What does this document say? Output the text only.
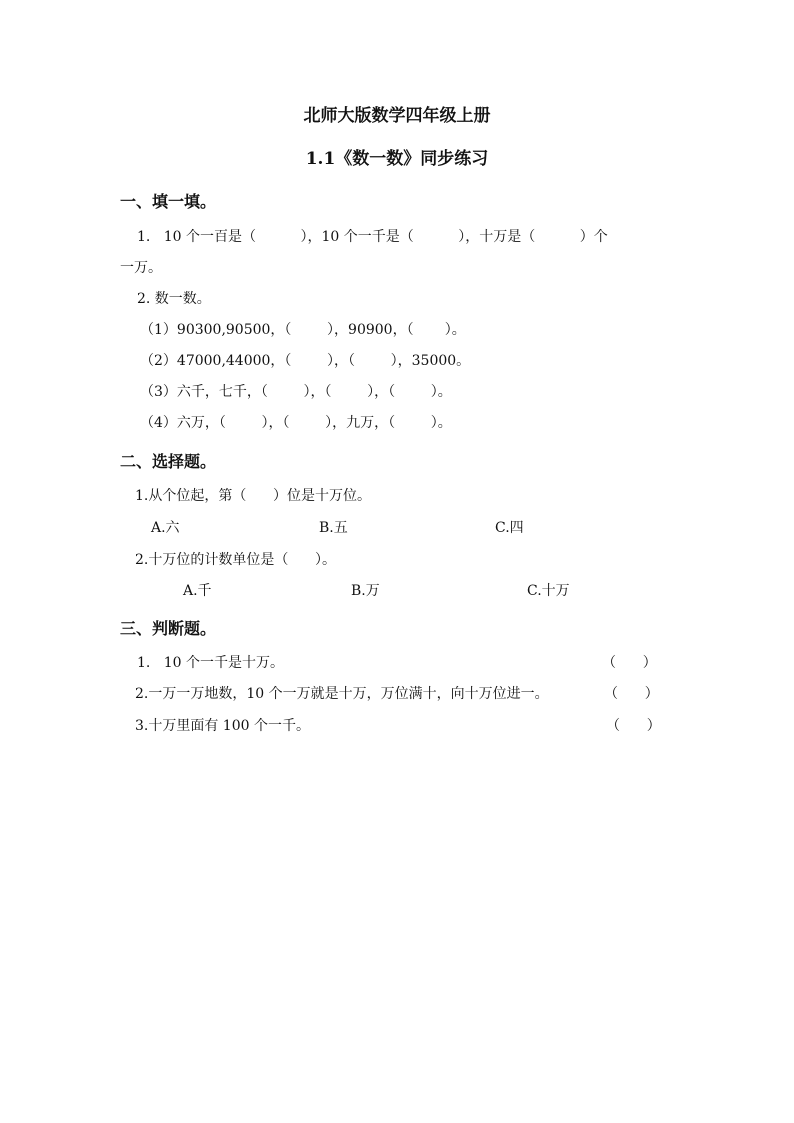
北师大版数学四年级上册
1.1《数一数》同步练习
一、填一填。
1.   10 个一百是（          ），10 个一千是（          ），十万是（          ）个
一万。
2. 数一数。
（1）90300,90500，（        ），90900，（       ）。
（2）47000,44000，（        ），（        ），35000。
（3）六千，七千，（        ），（        ），（        ）。
（4）六万，（        ），（        ），九万，（        ）。
二、选择题。
1.从个位起，第（      ）位是十万位。
A.六	B.五	C.四
2.十万位的计数单位是（      ）。
A.千	B.万	C.十万
三、判断题。
1.   10 个一千是十万。	（      ）
2.一万一万地数，10 个一万就是十万，万位满十，向十万位进一。	（      ）
3.十万里面有 100 个一千。	（      ）
